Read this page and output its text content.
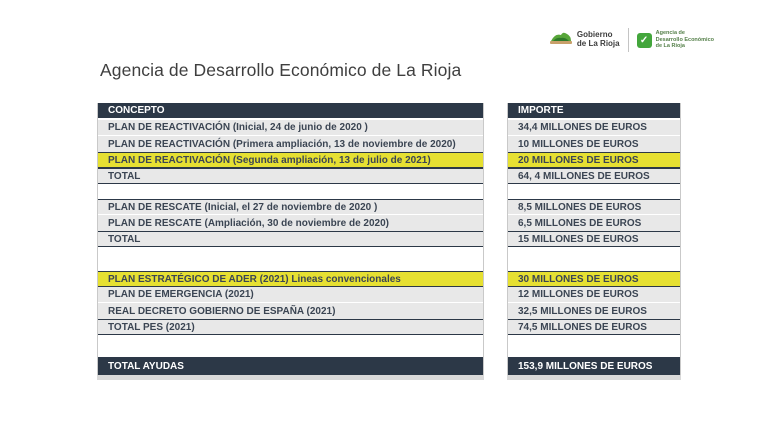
Gobierno
de La Rioja	✓
Agencia de
Desarrollo Económico
de La Rioja
Agencia de Desarrollo Económico de La Rioja
CONCEPTO
PLAN DE REACTIVACIÓN (Inicial, 24 de junio de 2020 )
PLAN DE REACTIVACIÓN (Primera ampliación, 13 de noviembre de 2020)
PLAN DE REACTIVACIÓN (Segunda ampliación, 13 de julio de 2021)
TOTAL
PLAN DE RESCATE (Inicial, el 27 de noviembre de 2020 )
PLAN DE RESCATE (Ampliación, 30 de noviembre de 2020)
TOTAL
PLAN ESTRATÉGICO DE ADER (2021) Lineas convencionales
PLAN DE EMERGENCIA (2021)
REAL DECRETO GOBIERNO DE ESPAÑA (2021)
TOTAL PES (2021)
TOTAL AYUDAS
IMPORTE
34,4 MILLONES DE EUROS
10 MILLONES DE EUROS
20 MILLONES DE EUROS
64, 4 MILLONES DE EUROS
8,5 MILLONES DE EUROS
6,5 MILLONES DE EUROS
15 MILLONES DE EUROS
30 MILLONES DE EUROS
12 MILLONES DE EUROS
32,5 MILLONES DE EUROS
74,5 MILLONES DE EUROS
153,9 MILLONES DE EUROS
